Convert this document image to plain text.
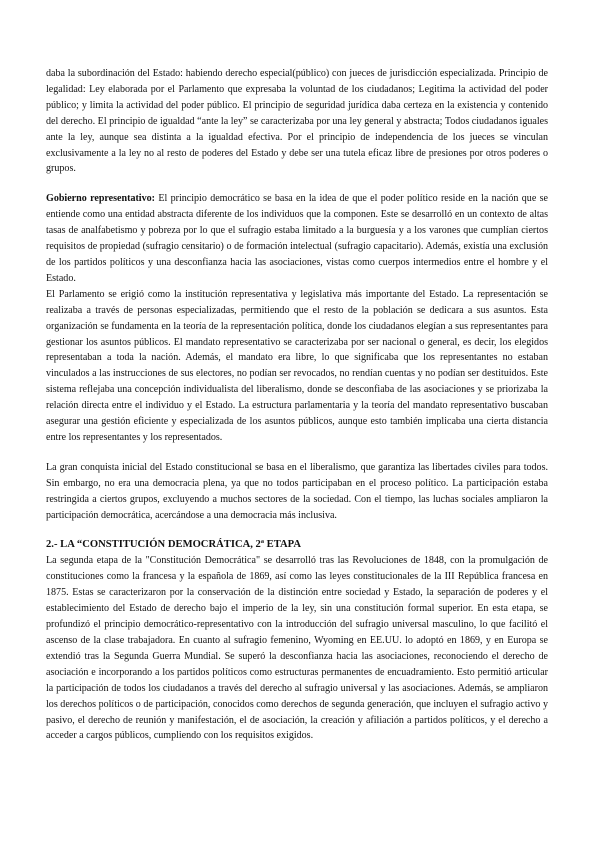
daba la subordinación del Estado: habiendo derecho especial(público) con jueces de jurisdicción especializada. Principio de legalidad: Ley elaborada por el Parlamento que expresaba la voluntad de los ciudadanos; Legitima la actividad del poder público; y limita la actividad del poder público. El principio de seguridad jurídica daba certeza en la existencia y contenido del derecho. El principio de igualdad “ante la ley” se caracterizaba por una ley general y abstracta; Todos ciudadanos iguales ante la ley, aunque sea distinta a la igualdad efectiva. Por el principio de independencia de los jueces se vinculan exclusivamente a la ley no al resto de poderes del Estado y debe ser una tutela eficaz libre de presiones por otros poderes o grupos.

Gobierno representativo: El principio democrático se basa en la idea de que el poder político reside en la nación que se entiende como una entidad abstracta diferente de los individuos que la componen. Este se desarrolló en un contexto de altas tasas de analfabetismo y pobreza por lo que el sufragio estaba limitado a la burguesía y a los varones que cumplían ciertos requisitos de propiedad (sufragio censitario) o de formación intelectual (sufragio capacitario). Además, existía una exclusión de los partidos políticos y una desconfianza hacia las asociaciones, vistas como cuerpos intermedios entre el hombre y el Estado.

El Parlamento se erigió como la institución representativa y legislativa más importante del Estado. La representación se realizaba a través de personas especializadas, permitiendo que el resto de la población se dedicara a sus asuntos. Esta organización se fundamenta en la teoría de la representación política, donde los ciudadanos elegían a sus representantes para gestionar los asuntos públicos. El mandato representativo se caracterizaba por ser nacional o general, es decir, los elegidos representaban a toda la nación. Además, el mandato era libre, lo que significaba que los representantes no estaban vinculados a las instrucciones de sus electores, no podían ser revocados, no rendían cuentas y no podían ser destituidos. Este sistema reflejaba una concepción individualista del liberalismo, donde se desconfiaba de las asociaciones y se priorizaba la relación directa entre el individuo y el Estado. La estructura parlamentaria y la teoría del mandato representativo buscaban asegurar una gestión eficiente y especializada de los asuntos públicos, aunque esto también implicaba una cierta distancia entre los representantes y los representados.

La gran conquista inicial del Estado constitucional se basa en el liberalismo, que garantiza las libertades civiles para todos. Sin embargo, no era una democracia plena, ya que no todos participaban en el proceso político. La participación estaba restringida a ciertos grupos, excluyendo a muchos sectores de la sociedad. Con el tiempo, las luchas sociales ampliaron la participación democrática, acercándose a una democracia más inclusiva.

2.- LA “CONSTITUCIÓN DEMOCRÁTICA, 2ª ETAPA

La segunda etapa de la "Constitución Democrática" se desarrolló tras las Revoluciones de 1848, con la promulgación de constituciones como la francesa y la española de 1869, así como las leyes constitucionales de la III República francesa en 1875. Estas se caracterizaron por la conservación de la distinción entre sociedad y Estado, la separación de poderes y el establecimiento del Estado de derecho bajo el imperio de la ley, sin una constitución formal superior. En esta etapa, se profundizó el principio democrático-representativo con la introducción del sufragio universal masculino, lo que facilitó el ascenso de la clase trabajadora. En cuanto al sufragio femenino, Wyoming en EE.UU. lo adoptó en 1869, y en Europa se extendió tras la Segunda Guerra Mundial. Se superó la desconfianza hacia las asociaciones, reconociendo el derecho de asociación e incorporando a los partidos políticos como estructuras permanentes de encuadramiento. Esto permitió articular la participación de todos los ciudadanos a través del derecho al sufragio universal y las asociaciones. Además, se ampliaron los derechos políticos o de participación, conocidos como derechos de segunda generación, que incluyen el sufragio activo y pasivo, el derecho de reunión y manifestación, el de asociación, la creación y afiliación a partidos políticos, y el derecho a acceder a cargos públicos, cumpliendo con los requisitos exigidos.
